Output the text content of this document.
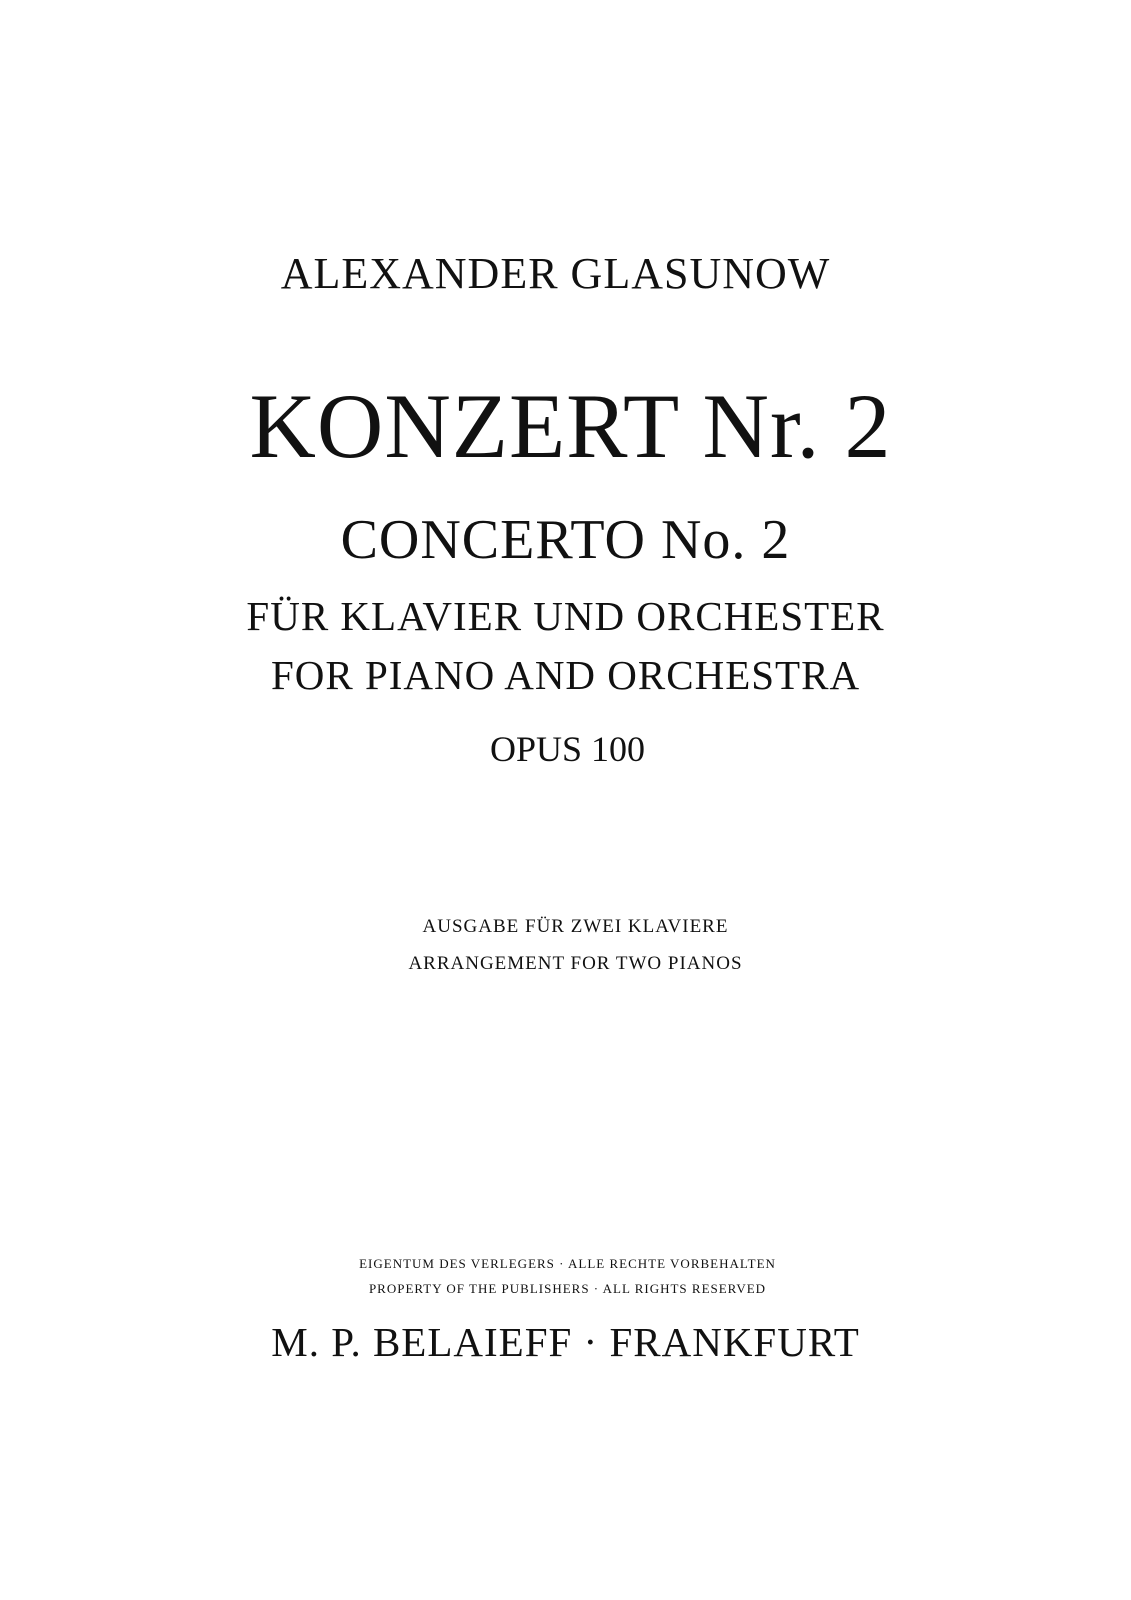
ALEXANDER GLASUNOW
KONZERT Nr. 2
CONCERTO No. 2
FÜR KLAVIER UND ORCHESTER
FOR PIANO AND ORCHESTRA
OPUS 100
AUSGABE FÜR ZWEI KLAVIERE
ARRANGEMENT FOR TWO PIANOS
EIGENTUM DES VERLEGERS · ALLE RECHTE VORBEHALTEN
PROPERTY OF THE PUBLISHERS · ALL RIGHTS RESERVED
M. P. BELAIEFF · FRANKFURT
